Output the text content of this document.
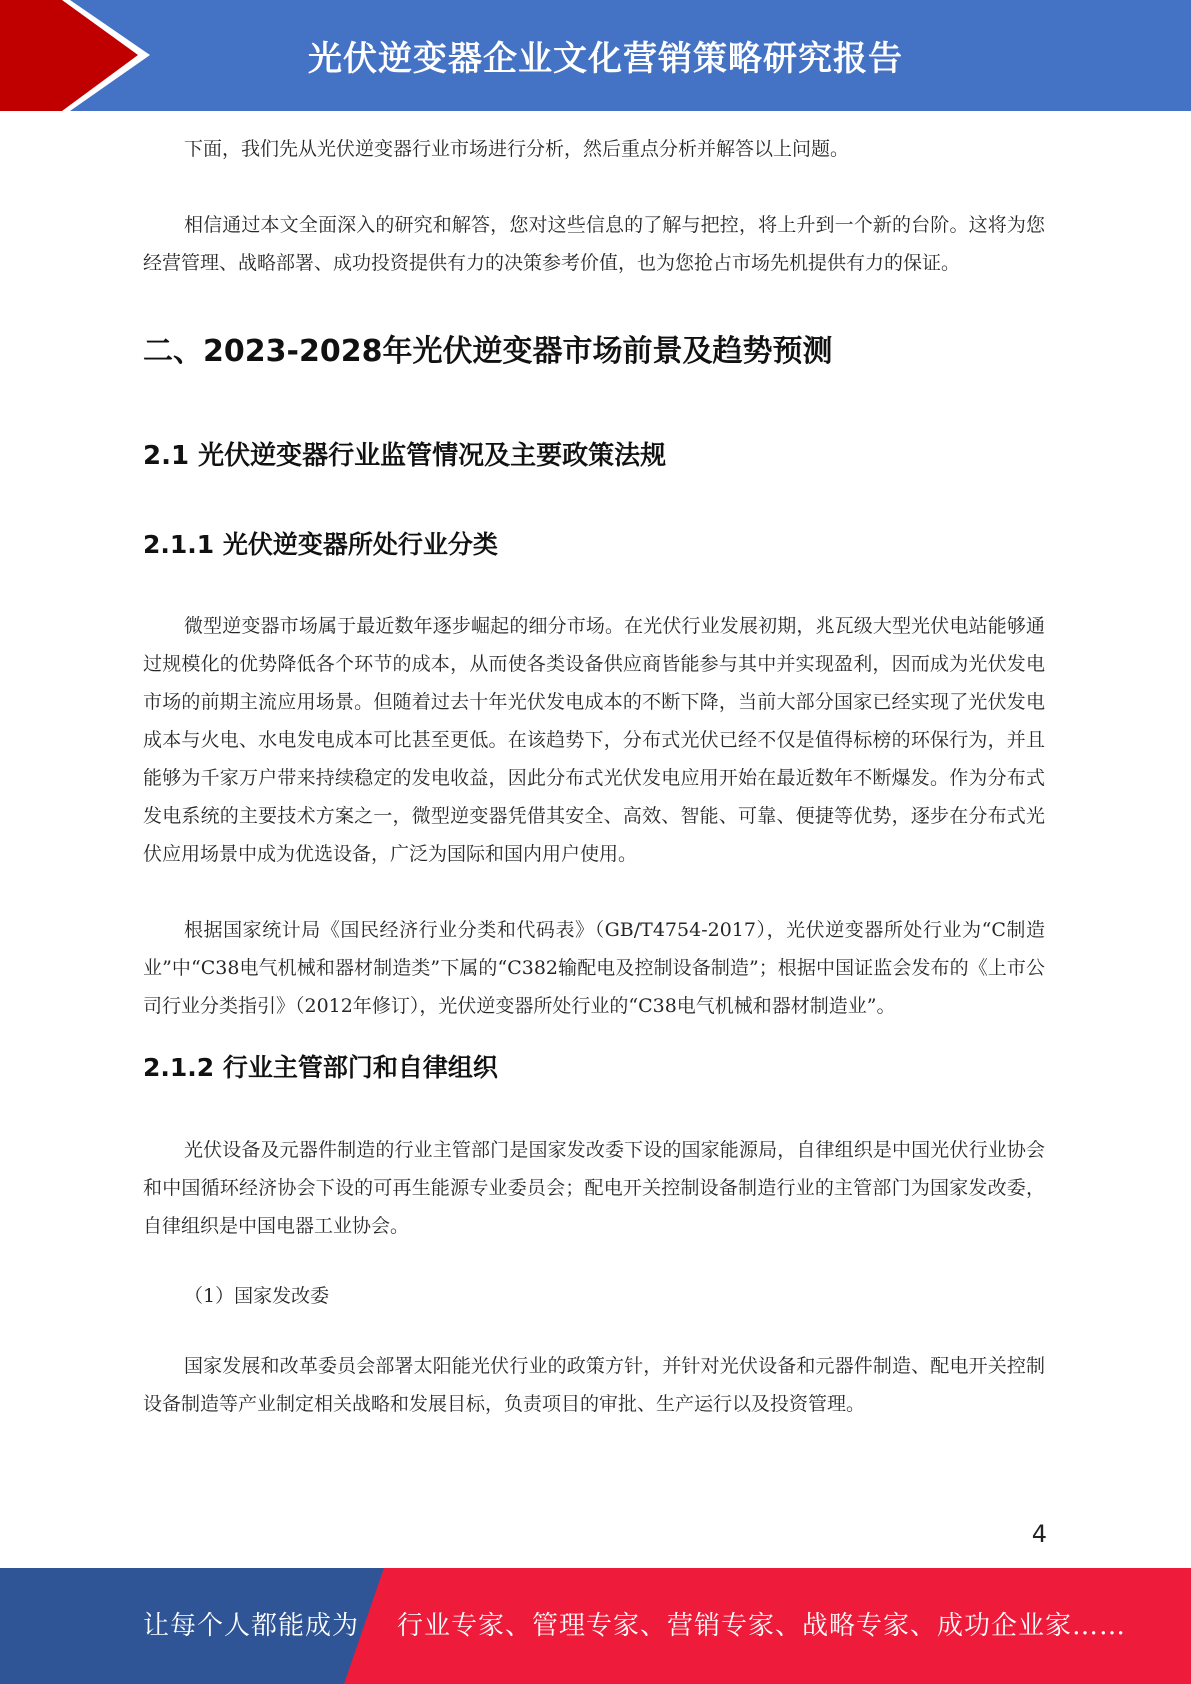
光伏逆变器企业文化营销策略研究报告

下面，我们先从光伏逆变器行业市场进行分析，然后重点分析并解答以上问题。

相信通过本文全面深入的研究和解答，您对这些信息的了解与把控，将上升到一个新的台阶。这将为您经营管理、战略部署、成功投资提供有力的决策参考价值，也为您抢占市场先机提供有力的保证。

二、2023-2028年光伏逆变器市场前景及趋势预测
2.1 光伏逆变器行业监管情况及主要政策法规
2.1.1 光伏逆变器所处行业分类

微型逆变器市场属于最近数年逐步崛起的细分市场。在光伏行业发展初期，兆瓦级大型光伏电站能够通过规模化的优势降低各个环节的成本，从而使各类设备供应商皆能参与其中并实现盈利，因而成为光伏发电市场的前期主流应用场景。但随着过去十年光伏发电成本的不断下降，当前大部分国家已经实现了光伏发电成本与火电、水电发电成本可比甚至更低。在该趋势下，分布式光伏已经不仅是值得标榜的环保行为，并且能够为千家万户带来持续稳定的发电收益，因此分布式光伏发电应用开始在最近数年不断爆发。作为分布式发电系统的主要技术方案之一，微型逆变器凭借其安全、高效、智能、可靠、便捷等优势，逐步在分布式光伏应用场景中成为优选设备，广泛为国际和国内用户使用。

根据国家统计局《国民经济行业分类和代码表》（GB/T4754-2017），光伏逆变器所处行业为“C制造业”中“C38电气机械和器材制造类”下属的“C382输配电及控制设备制造”；根据中国证监会发布的《上市公司行业分类指引》（2012年修订），光伏逆变器所处行业的“C38电气机械和器材制造业”。

2.1.2 行业主管部门和自律组织

光伏设备及元器件制造的行业主管部门是国家发改委下设的国家能源局，自律组织是中国光伏行业协会和中国循环经济协会下设的可再生能源专业委员会；配电开关控制设备制造行业的主管部门为国家发改委，自律组织是中国电器工业协会。

（1）国家发改委

国家发展和改革委员会部署太阳能光伏行业的政策方针，并针对光伏设备和元器件制造、配电开关控制设备制造等产业制定相关战略和发展目标，负责项目的审批、生产运行以及投资管理。

4
让每个人都能成为 行业专家、管理专家、营销专家、战略专家、成功企业家……
